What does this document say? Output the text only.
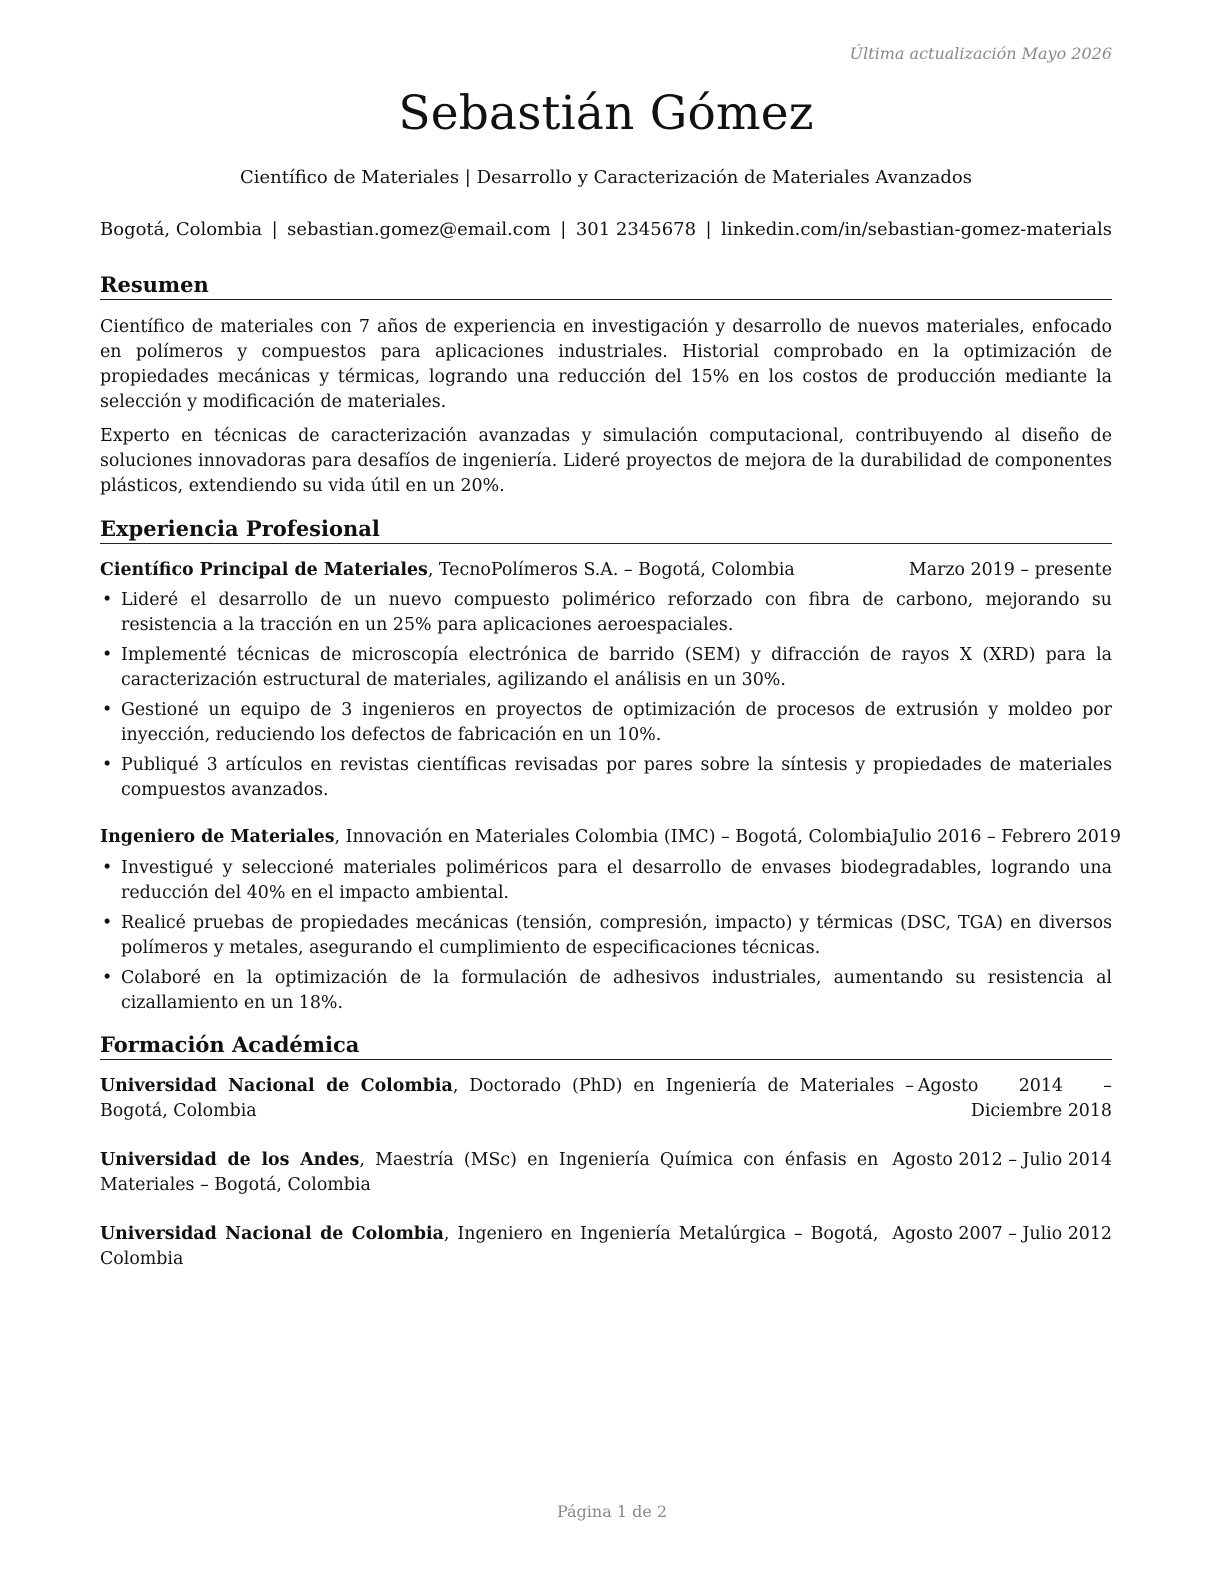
Última actualización Mayo 2026
Sebastián Gómez
Científico de Materiales | Desarrollo y Caracterización de Materiales Avanzados
Bogotá, Colombia | sebastian.gomez@email.com | 301 2345678 | linkedin.com/in/sebastian-gomez-materials
Resumen

Científico de materiales con 7 años de experiencia en investigación y desarrollo de nuevos materiales, enfocado en polímeros y compuestos para aplicaciones industriales. Historial comprobado en la optimización de propiedades mecánicas y térmicas, logrando una reducción del 15% en los costos de producción mediante la selección y modificación de materiales.

Experto en técnicas de caracterización avanzadas y simulación computacional, contribuyendo al diseño de soluciones innovadoras para desafíos de ingeniería. Lideré proyectos de mejora de la durabilidad de componentes plásticos, extendiendo su vida útil en un 20%.

Experiencia Profesional
Científico Principal de Materiales, TecnoPolímeros S.A. – Bogotá, Colombia	Marzo 2019 – presente
• Lideré el desarrollo de un nuevo compuesto polimérico reforzado con fibra de carbono, mejorando su resistencia a la tracción en un 25% para aplicaciones aeroespaciales.
• Implementé técnicas de microscopía electrónica de barrido (SEM) y difracción de rayos X (XRD) para la caracterización estructural de materiales, agilizando el análisis en un 30%.
• Gestioné un equipo de 3 ingenieros en proyectos de optimización de procesos de extrusión y moldeo por inyección, reduciendo los defectos de fabricación en un 10%.
• Publiqué 3 artículos en revistas científicas revisadas por pares sobre la síntesis y propiedades de materiales compuestos avanzados.
Ingeniero de Materiales, Innovación en Materiales Colombia (IMC) – Bogotá, Colombia Julio 2016 – Febrero 2019
• Investigué y seleccioné materiales poliméricos para el desarrollo de envases biodegradables, logrando una reducción del 40% en el impacto ambiental.
• Realicé pruebas de propiedades mecánicas (tensión, compresión, impacto) y térmicas (DSC, TGA) en diversos polímeros y metales, asegurando el cumplimiento de especificaciones técnicas.
• Colaboré en la optimización de la formulación de adhesivos industriales, aumentando su resistencia al cizallamiento en un 18%.
Formación Académica
Universidad Nacional de Colombia, Doctorado (PhD) en Ingeniería de Materiales – Bogotá, Colombia
Agosto 2014 – Diciembre 2018
Universidad de los Andes, Maestría (MSc) en Ingeniería Química con énfasis en Materiales – Bogotá, Colombia
Agosto 2012 – Julio 2014
Universidad Nacional de Colombia, Ingeniero en Ingeniería Metalúrgica – Bogotá, Colombia
Agosto 2007 – Julio 2012
Página 1 de 2
